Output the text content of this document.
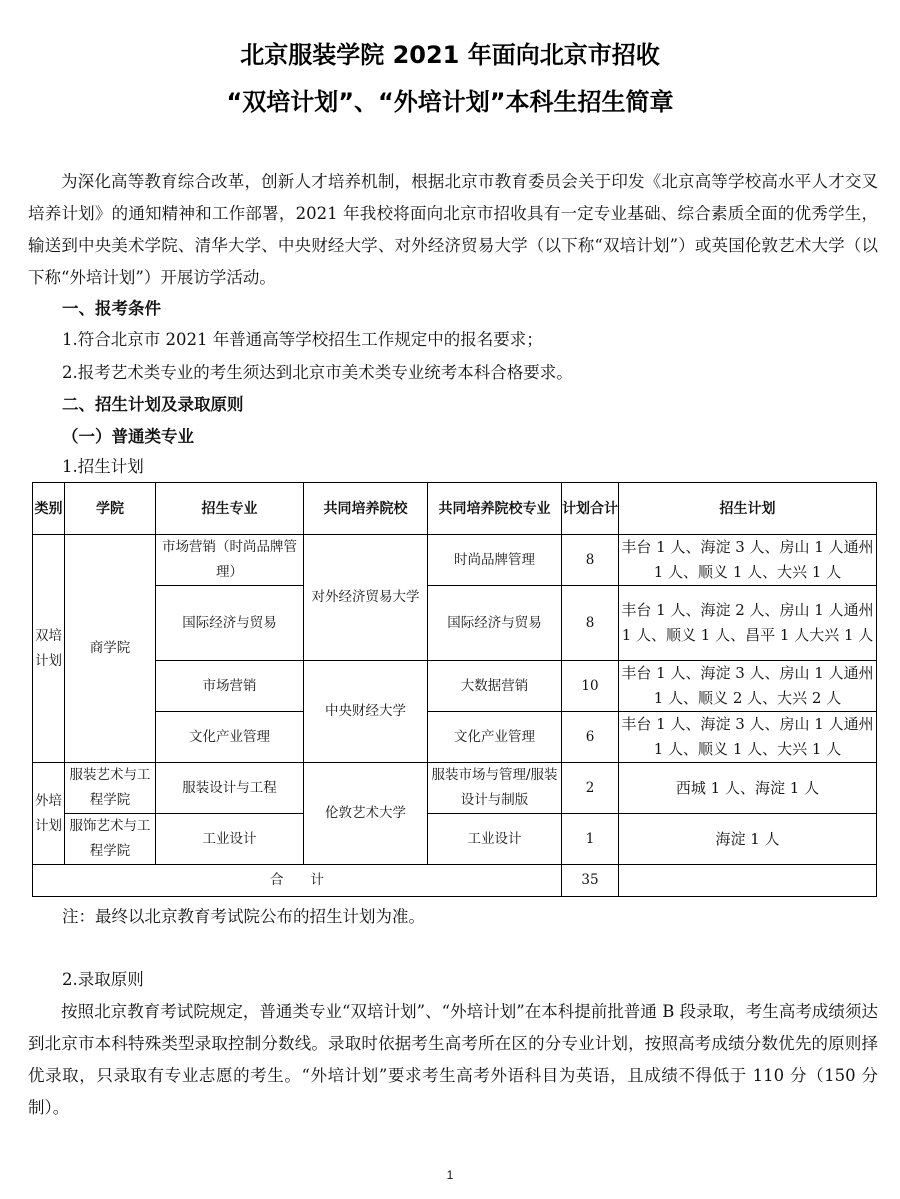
北京服装学院 2021 年面向北京市招收
“双培计划”、“外培计划”本科生招生简章

为深化高等教育综合改革，创新人才培养机制，根据北京市教育委员会关于印发《北京高等学校高水平人才交叉培养计划》的通知精神和工作部署，2021 年我校将面向北京市招收具有一定专业基础、综合素质全面的优秀学生，输送到中央美术学院、清华大学、中央财经大学、对外经济贸易大学（以下称“双培计划”）或英国伦敦艺术大学（以下称“外培计划”）开展访学活动。

一、报考条件
1.符合北京市 2021 年普通高等学校招生工作规定中的报名要求；
2.报考艺术类专业的考生须达到北京市美术类专业统考本科合格要求。
二、招生计划及录取原则
（一）普通类专业
1.招生计划
类别	学院	招生专业	共同培养院校	共同培养院校专业	计划合计	招生计划
双培计划	商学院	市场营销（时尚品牌管理）	对外经济贸易大学	时尚品牌管理	8	丰台 1 人、海淀 3 人、房山 1 人通州 1 人、顺义 1 人、大兴 1 人
		国际经济与贸易		国际经济与贸易	8	丰台 1 人、海淀 2 人、房山 1 人通州 1 人、顺义 1 人、昌平 1 人大兴 1 人
		市场营销	中央财经大学	大数据营销	10	丰台 1 人、海淀 3 人、房山 1 人通州 1 人、顺义 2 人、大兴 2 人
		文化产业管理		文化产业管理	6	丰台 1 人、海淀 3 人、房山 1 人通州 1 人、顺义 1 人、大兴 1 人
外培计划	服装艺术与工程学院	服装设计与工程	伦敦艺术大学	服装市场与管理/服装设计与制版	2	西城 1 人、海淀 1 人
	服饰艺术与工程学院	工业设计		工业设计	1	海淀 1 人
合　　计					35	
注：最终以北京教育考试院公布的招生计划为准。
2.录取原则

按照北京教育考试院规定，普通类专业“双培计划”、“外培计划”在本科提前批普通 B 段录取，考生高考成绩须达到北京市本科特殊类型录取控制分数线。录取时依据考生高考所在区的分专业计划，按照高考成绩分数优先的原则择优录取，只录取有专业志愿的考生。“外培计划”要求考生高考外语科目为英语，且成绩不得低于 110 分（150 分制）。

1
